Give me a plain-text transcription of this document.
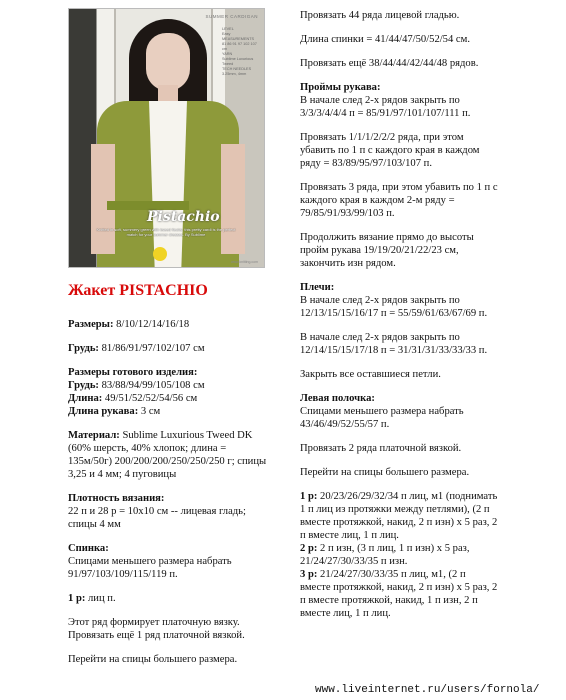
SUMMER CARDIGAN
LEVEL
Easy
MEASUREMENTS
81 86 91 97 102 107 cm
YARN
Sublime Luxurious Tweed
TECH NEEDLES
3.25mm, 4mm
Pistachio
Knitted in soft, summery green with tweed flecks, this pretty cardi is the perfect match for your summer dresses. By Sublime
www.knitting.com
Жакет PISTACHIO

Размеры: 8/10/12/14/16/18

Грудь: 81/86/91/97/102/107 см

Размеры готового изделия:
Грудь: 83/88/94/99/105/108 см
Длина: 49/51/52/52/54/56 см
Длина рукава: 3 см

Материал: Sublime Luxurious Tweed DK (60% шерсть, 40% хлопок; длина = 135м/50г) 200/200/200/250/250/250 г; спицы 3,25 и 4 мм; 4 пуговицы

Плотность вязания:
22 п и 28 р = 10x10 см -- лицевая гладь; спицы 4 мм

Спинка:
Спицами меньшего размера набрать 91/97/103/109/115/119 п.

1 р: лиц п.

Этот ряд формирует платочную вязку. Провязать ещё 1 ряд платочной вязкой.

Перейти на спицы большего размера.

Провязать 44 ряда лицевой гладью.

Длина спинки = 41/44/47/50/52/54 см.

Провязать ещё 38/44/44/42/44/48 рядов.

Проймы рукава:
В начале след 2-х рядов закрыть по 3/3/3/4/4/4 п = 85/91/97/101/107/111 п.

Провязать 1/1/1/2/2/2 ряда, при этом убавить по 1 п с каждого края в каждом ряду = 83/89/95/97/103/107 п.

Провязать 3 ряда, при этом убавить по 1 п с каждого края в каждом 2-м ряду = 79/85/91/93/99/103 п.

Продолжить вязание прямо до высоты пройм рукава 19/19/20/21/22/23 см, закончить изн рядом.

Плечи:
В начале след 2-х рядов закрыть по 12/13/15/15/16/17 п = 55/59/61/63/67/69 п.

В начале след 2-х рядов закрыть по 12/14/15/15/17/18 п = 31/31/31/33/33/33 п.

Закрыть все оставшиеся петли.

Левая полочка:
Спицами меньшего размера набрать 43/46/49/52/55/57 п.

Провязать 2 ряда платочной вязкой.

Перейти на спицы большего размера.

1 р: 20/23/26/29/32/34 п лиц, м1 (поднимать 1 п лиц из протяжки между петлями), (2 п вместе протяжкой, накид, 2 п изн) х 5 раз, 2 п вместе лиц, 1 п лиц.
2 р: 2 п изн, (3 п лиц, 1 п изн) х 5 раз, 21/24/27/30/33/35 п изн.
3 р: 21/24/27/30/33/35 п лиц, м1, (2 п вместе протяжкой, накид, 2 п изн) х 5 раз, 2 п вместе протяжкой, накид, 1 п изн, 2 п вместе лиц, 1 п лиц.

www.liveinternet.ru/users/fornola/
